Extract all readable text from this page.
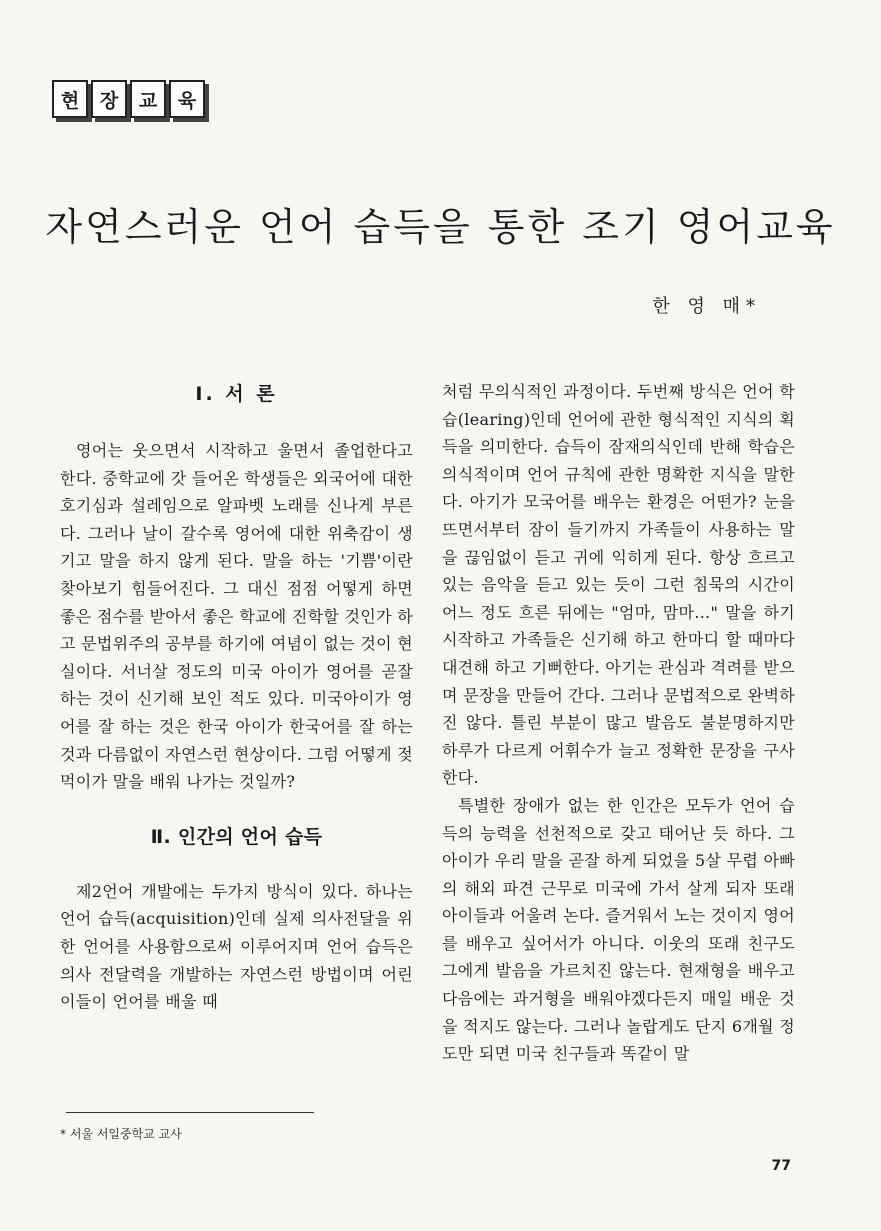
현	장	교	육
자연스러운 언어 습득을 통한 조기 영어교육
한 영 매*
Ⅰ. 서 론

영어는 웃으면서 시작하고 울면서 졸업한다고 한다. 중학교에 갓 들어온 학생들은 외국어에 대한 호기심과 설레임으로 알파벳 노래를 신나게 부른다. 그러나 날이 갈수록 영어에 대한 위축감이 생기고 말을 하지 않게 된다. 말을 하는 '기쁨'이란 찾아보기 힘들어진다. 그 대신 점점 어떻게 하면 좋은 점수를 받아서 좋은 학교에 진학할 것인가 하고 문법위주의 공부를 하기에 여념이 없는 것이 현실이다. 서너살 정도의 미국 아이가 영어를 곧잘 하는 것이 신기해 보인 적도 있다. 미국아이가 영어를 잘 하는 것은 한국 아이가 한국어를 잘 하는 것과 다름없이 자연스런 현상이다. 그럼 어떻게 젖먹이가 말을 배워 나가는 것일까?

Ⅱ. 인간의 언어 습득

제2언어 개발에는 두가지 방식이 있다. 하나는 언어 습득(acquisition)인데 실제 의사전달을 위한 언어를 사용함으로써 이루어지며 언어 습득은 의사 전달력을 개발하는 자연스런 방법이며 어린이들이 언어를 배울 때

처럼 무의식적인 과정이다. 두번째 방식은 언어 학습(learing)인데 언어에 관한 형식적인 지식의 획득을 의미한다. 습득이 잠재의식인데 반해 학습은 의식적이며 언어 규칙에 관한 명확한 지식을 말한다. 아기가 모국어를 배우는 환경은 어떤가? 눈을 뜨면서부터 잠이 들기까지 가족들이 사용하는 말을 끊임없이 듣고 귀에 익히게 된다. 항상 흐르고 있는 음악을 듣고 있는 듯이 그런 침묵의 시간이 어느 정도 흐른 뒤에는 "엄마, 맘마…" 말을 하기 시작하고 가족들은 신기해 하고 한마디 할 때마다 대견해 하고 기뻐한다. 아기는 관심과 격려를 받으며 문장을 만들어 간다. 그러나 문법적으로 완벽하진 않다. 틀린 부분이 많고 발음도 불분명하지만 하루가 다르게 어휘수가 늘고 정확한 문장을 구사한다.

특별한 장애가 없는 한 인간은 모두가 언어 습득의 능력을 선천적으로 갖고 태어난 듯 하다. 그 아이가 우리 말을 곧잘 하게 되었을 5살 무렵 아빠의 해외 파견 근무로 미국에 가서 살게 되자 또래 아이들과 어울려 논다. 즐거워서 노는 것이지 영어를 배우고 싶어서가 아니다. 이웃의 또래 친구도 그에게 발음을 가르치진 않는다. 현재형을 배우고 다음에는 과거형을 배워야겠다든지 매일 배운 것을 적지도 않는다. 그러나 놀랍게도 단지 6개월 정도만 되면 미국 친구들과 똑같이 말

* 서울 서일중학교 교사
77
